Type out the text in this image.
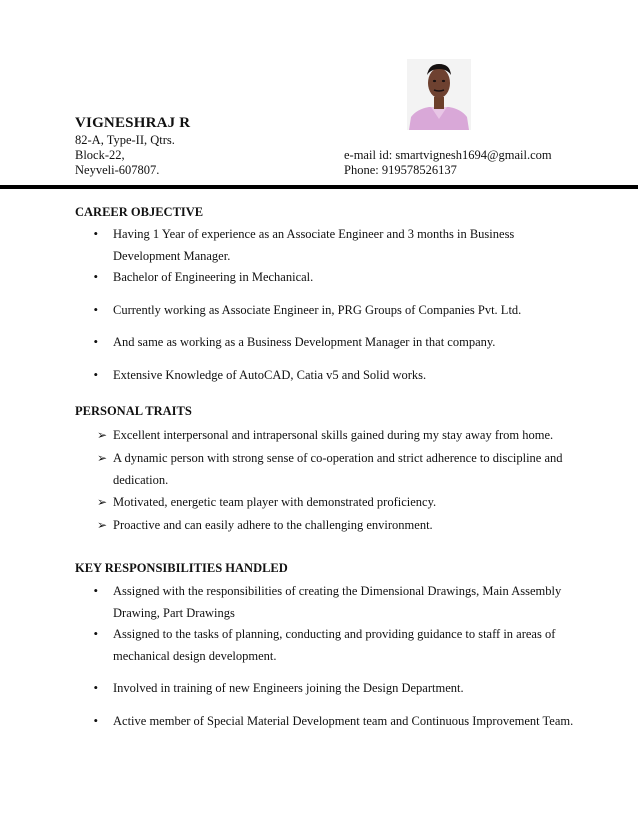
VIGNESHRAJ R
82-A, Type-II, Qtrs.
Block-22,
Neyveli-607807.
e-mail id: smartvignesh1694@gmail.com
Phone: 919578526137
CAREER OBJECTIVE
• Having 1 Year of experience as an Associate Engineer and 3 months in Business Development Manager.
• Bachelor of Engineering in Mechanical.
• Currently working as Associate Engineer in, PRG Groups of Companies Pvt. Ltd.
• And same as working as a Business Development Manager in that company.
• Extensive Knowledge of AutoCAD, Catia v5 and Solid works.
PERSONAL TRAITS
➢ Excellent interpersonal and intrapersonal skills gained during my stay away from home.
➢ A dynamic person with strong sense of co-operation and strict adherence to discipline and dedication.
➢ Motivated, energetic team player with demonstrated proficiency.
➢ Proactive and can easily adhere to the challenging environment.
KEY RESPONSIBILITIES HANDLED
• Assigned with the responsibilities of creating the Dimensional Drawings, Main Assembly Drawing, Part Drawings
• Assigned to the tasks of planning, conducting and providing guidance to staff in areas of mechanical design development.
• Involved in training of new Engineers joining the Design Department.
• Active member of Special Material Development team and Continuous Improvement Team.
